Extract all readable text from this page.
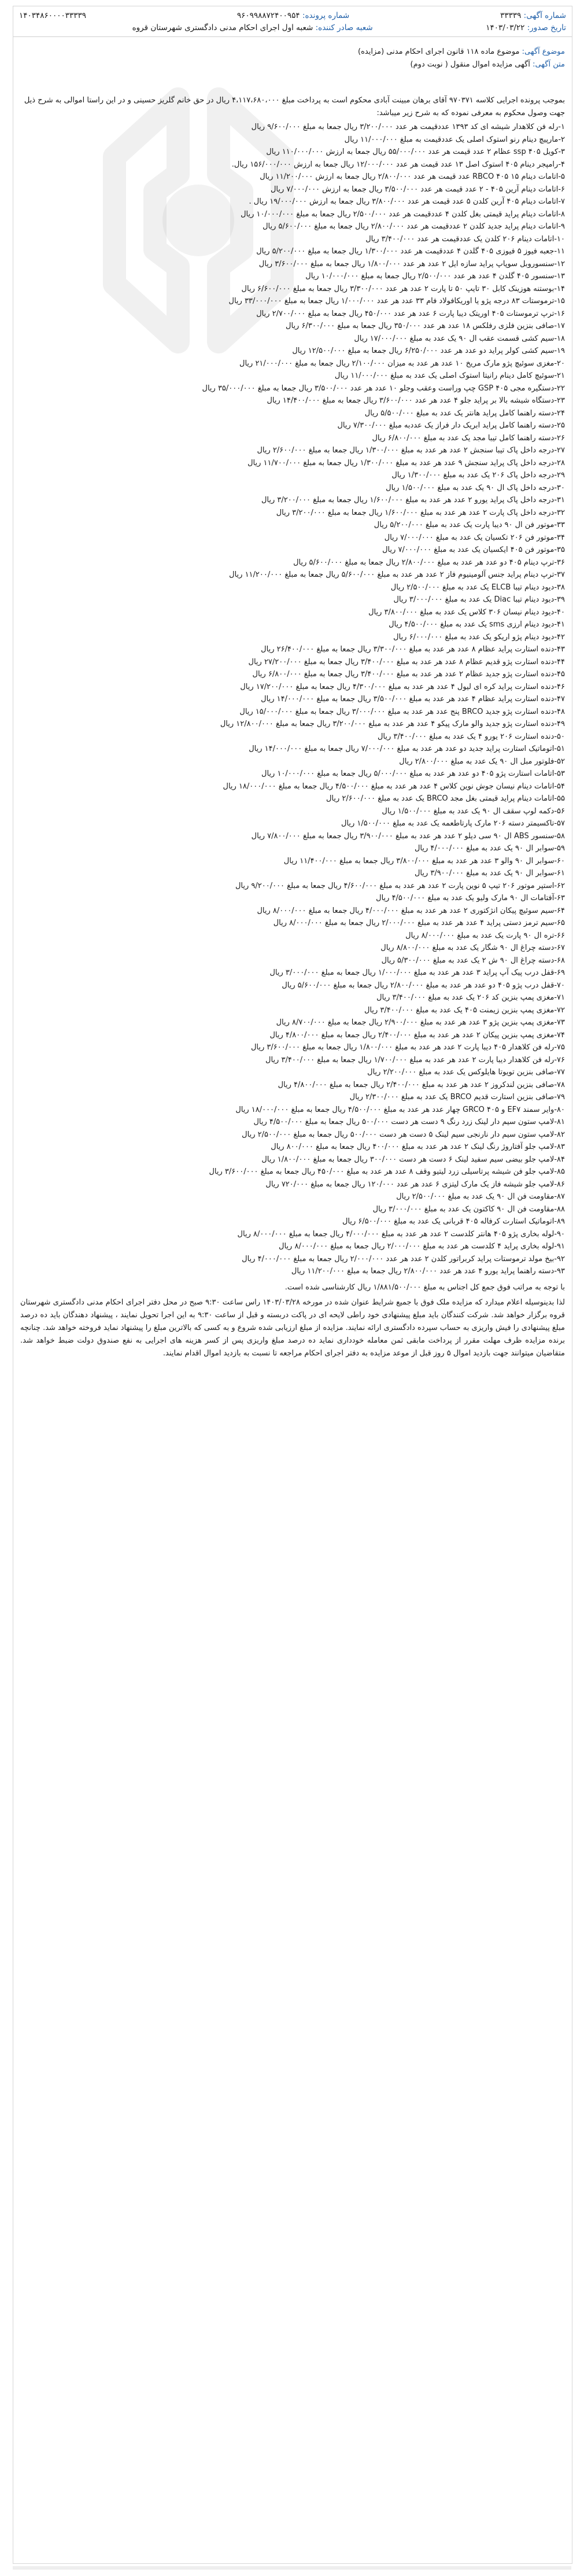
شماره آگهی: ۳۳۳۳۹
شماره پرونده: ۹۶۰۹۹۸۸۷۲۴۰۰۹۵۴
۱۴۰۳۴۸۶۰۰۰۰۳۳۳۳۹
تاریخ صدور: ۱۴۰۳/۰۳/۲۲
شعبه صادر کننده: شعبه اول اجرای احکام مدنی دادگستری شهرستان قروه
موضوع آگهی: موضوع ماده ۱۱۸ قانون اجرای احکام مدنی (مزایده)
متن آگهی: آگهی مزایده اموال منقول ( نوبت دوم)
بموجب پرونده اجرایی کلاسه ۹۷۰۳۷۱ آقای برهان مبینت آبادی محکوم است به پرداخت مبلغ ۴،۱۱۷،۶۸۰،۰۰۰ ریال در حق خانم گلریز حسینی و در این راستا اموالی به شرح ذیل جهت وصول محکوم به معرفی نموده که به شرح زیر میباشد:
۱-رله فن کلاهدار شیشه ای کد ۱۳۹۳ عددقیمت هر عدد ۳/۲۰۰/۰۰۰ ریال جمعا به مبلغ ۹/۶۰۰/۰۰۰ ریال
۲-مارپیچ دینام رنو استوک اصلی یک عددقیمت به مبلغ ۱۱/۰۰۰/۰۰۰ ریال
۳-کویل ۴۰۵ ssp عظام ۲ عدد قیمت هر عدد ۵۵/۰۰۰/۰۰۰ ریال جمعا به ارزش ۱۱۰/۰۰۰/۰۰۰ ریال
۴-رامپجر دینام ۴۰۵ استوک اصل ۱۳ عدد قیمت هر عدد ۱۲/۰۰۰/۰۰۰ ریال جمعا به ارزش ۱۵۶/۰۰۰/۰۰۰ ریال.
۵-اتامات دینام RBCO ۴۰۵ ۱۵ عدد قیمت هر عدد ۲/۸۰۰/۰۰۰ ریال جمعا به ارزش ۱۱/۲۰۰/۰۰۰ ریال
۶-اتامات دینام آرین ۴۰۵ - ۲ عدد قیمت هر عدد ۳/۵۰۰/۰۰۰ ریال جمعا به ارزش ۷/۰۰۰/۰۰۰ ریال
۷-اتامات دینام ۴۰۵ آرین کلدن ۵ عدد قیمت هر عدد ۳/۸۰۰/۰۰۰ ریال جمعا به ارزش ۱۹/۰۰۰/۰۰۰ ریال .
۸-اتامات دینام پراید قیمتی بغل کلدن ۴ عددقیمت هر عدد ۲/۵۰۰/۰۰۰ ریال جمعا به مبلغ ۱۰/۰۰۰/۰۰۰ ریال
۹-اتامات دینام پراید جدید کلدن ۲ عددقیمت هر عدد ۲/۸۰۰/۰۰۰ ریال جمعا به مبلغ ۵/۶۰۰/۰۰۰ ریال
۱۰-اتامات دینام ۲۰۶ کلدن یک عددقیمت هر عدد ۳/۴۰۰/۰۰۰ ریال
۱۱-جعبه فیوز ۵ فیوزی ۴۰۵ گلدن ۴ عددقیمت هر عدد ۱/۳۰۰/۰۰۰ ریال جمعا به مبلغ ۵/۲۰۰/۰۰۰ ریال
۱۲-سنسوروبل سوپاپ پراید سازه ایل ۲ عدد هر عدد ۱/۸۰۰/۰۰۰ ریال جمعا به مبلغ ۳/۶۰۰/۰۰۰ ریال
۱۳-سنسور ۴۰۵ گلدن ۴ عدد هر عدد ۲/۵۰۰/۰۰۰ ریال جمعا به مبلغ ۱۰/۰۰۰/۰۰۰ ریال
۱۴-بوستنه هوزینک کابل ۳۰ تایپ ۵۰ تا پارت ۲ عدد هر عدد ۳/۳۰۰/۰۰۰ ریال جمعا به مبلغ ۶/۶۰۰/۰۰۰ ریال
۱۵-ترموستات ۸۳ درجه پژو یا اوریکافولاد فام ۳۳ عدد هر عدد ۱/۰۰۰/۰۰۰ ریال جمعا به مبلغ ۳۳/۰۰۰/۰۰۰ ریال
۱۶-ترپ ترموستات ۴۰۵ اوریتک دیبا پارت ۶ عدد هر عدد ۴۵۰/۰۰۰ ریال جمعا به مبلغ ۲/۷۰۰/۰۰۰ ریال
۱۷-صافی بنزین فلزی رفلکس ۱۸ عدد هر عدد ۳۵۰/۰۰۰ ریال جمعا به مبلغ ۶/۳۰۰/۰۰۰ ریال
۱۸-سیم کشی قسمت عقب ال ۹۰ یک عدد به مبلغ ۱۷/۰۰۰/۰۰۰ ریال
۱۹-سیم کشی کولر پراید دو عدد هر عدد ۶/۲۵۰/۰۰۰ ریال جمعا به مبلغ ۱۲/۵۰۰/۰۰۰ ریال
۲۰-مغزی سوئیچ پژو مارک مریخ ۱۰ عدد هر عدد به میزان ۲/۱۰۰/۰۰۰ ریال جمعا به مبلغ ۲۱/۰۰۰/۰۰۰ ریال
۲۱-سوئیچ کامل دینام رانیتا استوک اصلی یک عدد به مبلغ ۱۱/۰۰۰/۰۰۰ ریال
۲۲-دستگیره مجی GSP ۴۰۵ چپ وراست وعقب وجلو ۱۰ عدد هر عدد ۳/۵۰۰/۰۰۰ ریال جمعا به مبلغ ۳۵/۰۰۰/۰۰۰ ریال
۲۳-دستگاه شیشه بالا بر پراید جلو ۴ عدد هر عدد ۳/۶۰۰/۰۰۰ ریال جمعا به مبلغ ۱۴/۴۰۰/۰۰۰ ریال
۲۴-دسته راهنما کامل پراید هانتر یک عدد به مبلغ ۵/۵۰۰/۰۰۰ ریال
۲۵-دسته راهنما کامل پراید ابریک دار فراز یک عددبه مبلغ ۷/۳۰۰/۰۰۰ ریال
۲۶-دسته راهنما کامل تیبا مجد یک عدد به مبلغ ۶/۸۰۰/۰۰۰ ریال
۲۷-درجه داخل پاک تیبا سنجش ۲ عدد هر عدد به مبلغ ۱/۳۰۰/۰۰۰ ریال جمعا به مبلغ ۲/۶۰۰/۰۰۰ ریال
۲۸-درجه داخل پاک پراید سنجش ۹ عدد هر عدد به مبلغ ۱/۳۰۰/۰۰۰ ریال جمعا به مبلغ ۱۱/۷۰۰/۰۰۰ ریال
۲۹-درجه داخل پاک ۲۰۶ یک عدد به مبلغ ۱/۳۰۰/۰۰۰ ریال
۳۰-درجه داخل پاک ال ۹۰ یک عدد به مبلغ ۱/۵۰۰/۰۰۰ ریال
۳۱-درجه داخل پاک پراید یورو ۲ عدد هر عدد به مبلغ ۱/۶۰۰/۰۰۰ ریال جمعا به مبلغ ۳/۲۰۰/۰۰۰ ریال
۳۲-درجه داخل پاک پارت ۲ عدد هر عدد به مبلغ ۱/۶۰۰/۰۰۰ ریال جمعا به مبلغ ۳/۲۰۰/۰۰۰ ریال
۳۳-موتور فن ال ۹۰ دیبا پارت یک عدد به مبلغ ۵/۲۰۰/۰۰۰ ریال
۳۴-موتور فن ۲۰۶ تکسیان یک عدد به مبلغ ۷/۰۰۰/۰۰۰ ریال
۳۵-موتور فن ۴۰۵ ایکسیان یک عدد به مبلغ ۷/۰۰۰/۰۰۰ ریال
۳۶-ترپ دینام ۴۰۵ دو عدد هر عدد به مبلغ ۲/۸۰۰/۰۰۰ ریال جمعا به مبلغ ۵/۶۰۰/۰۰۰ ریال
۳۷-ترپ دینام پراید جنس آلومینیوم فاز ۲ عدد هر عدد به مبلغ ۵/۶۰۰/۰۰۰ ریال جمعا به مبلغ ۱۱/۲۰۰/۰۰۰ ریال
۳۸-دیود دینام تیبا ELCB یک عدد به مبلغ ۲/۵۰۰/۰۰۰ ریال
۳۹-دیود دینام تیبا Diac یک عدد به مبلغ ۳/۰۰۰/۰۰۰ ریال
۴۰-دیود دینام نیسان ۳۰۶ کلاس یک عدد به مبلغ ۳/۸۰۰/۰۰۰ ریال
۴۱-دیود دینام ارزی sms یک عدد به مبلغ ۴/۵۰۰/۰۰۰ ریال
۴۲-دیود دینام پژو اریکو یک عدد به مبلغ ۶/۰۰۰/۰۰۰ ریال
۴۳-دنده استارت پراید عظام ۸ عدد هر عدد به مبلغ ۳/۳۰۰/۰۰۰ ریال جمعا به مبلغ ۲۶/۴۰۰/۰۰۰ ریال
۴۴-دنده استارت پژو قدیم عظام ۸ عدد هر عدد به مبلغ ۳/۴۰۰/۰۰۰ ریال جمعا به مبلغ ۲۷/۲۰۰/۰۰۰ ریال
۴۵-دنده استارت پژو جدید عظام ۲ عدد هر عدد به مبلغ ۳/۴۰۰/۰۰۰ ریال جمعا به مبلغ ۶/۸۰۰/۰۰۰ ریال
۴۶-دنده استارت پراید کره ای لیول ۴ عدد هر عدد به مبلغ ۴/۳۰۰/۰۰۰ ریال جمعا به مبلغ ۱۷/۲۰۰/۰۰۰ ریال
۴۷-دنده استارت پراید عظام ۴ عدد هر عدد به مبلغ ۳/۵۰۰/۰۰۰ ریال جمعا به مبلغ ۱۴/۰۰۰/۰۰۰ ریال
۴۸-دنده استارت پژو جدید BRCO پنج عدد هر عدد به مبلغ ۳/۰۰۰/۰۰۰ ریال جمعا به مبلغ ۱۵/۰۰۰/۰۰۰ ریال
۴۹-دنده استارت پژو جدید والو مارک پیکو ۴ عدد هر عدد به مبلغ ۳/۲۰۰/۰۰۰ ریال جمعا به مبلغ ۱۲/۸۰۰/۰۰۰ ریال
۵۰-دنده استارت ۲۰۶ یورو ۴ یک عدد به مبلغ ۳/۴۰۰/۰۰۰ ریال
۵۱-اتوماتیک استارت پراید جدید دو عدد هر عدد به مبلغ ۷/۰۰۰/۰۰۰ ریال جمعا به مبلغ ۱۴/۰۰۰/۰۰۰ ریال
۵۲-فلوتور مبل ال ۹۰ یک عدد به مبلغ ۲/۸۰۰/۰۰۰ ریال
۵۳-اتامات استارت پژو ۴۰۵ دو عدد هر عدد به مبلغ ۵/۰۰۰/۰۰۰ ریال جمعا به مبلغ ۱۰/۰۰۰/۰۰۰ ریال
۵۴-اتامات دینام نیسان جوش نوین کلاس ۴ عدد هر عدد به مبلغ ۴/۵۰۰/۰۰۰ ریال جمعا به مبلغ ۱۸/۰۰۰/۰۰۰ ریال
۵۵-اتامات دینام پراید قیمتی بغل مجد BRCO یک عدد به مبلغ ۲/۶۰۰/۰۰۰ ریال
۵۶-دکمه لوپ سقف ال ۹۰ یک عدد به مبلغ ۱/۵۰۰/۰۰۰ ریال
۵۷-تاکسیمتر دسته ۲۰۶ مارک پارتاطعمه یک عدد به مبلغ ۱/۵۰۰/۰۰۰ ریال
۵۸-سنسور ABS ال ۹۰ سی دیلو ۲ عدد هر عدد به مبلغ ۳/۹۰۰/۰۰۰ ریال جمعا به مبلغ ۷/۸۰۰/۰۰۰ ریال
۵۹-سوابر ال ۹۰ یک عدد به مبلغ ۴/۰۰۰/۰۰۰ ریال
۶۰-سوابر ال ۹۰ والو ۳ عدد هر عدد به مبلغ ۳/۸۰۰/۰۰۰ ریال جمعا به مبلغ ۱۱/۴۰۰/۰۰۰ ریال
۶۱-سوابر ال ۹۰ یک عدد به مبلغ ۳/۹۰۰/۰۰۰ ریال
۶۲-استپر موتور ۲۰۶ تیپ ۵ نوین پارت ۲ عدد هر عدد به مبلغ ۴/۶۰۰/۰۰۰ ریال جمعا به مبلغ ۹/۲۰۰/۰۰۰ ریال
۶۳-آفتامات ال ۹۰ مارک ولیو یک عدد به مبلغ ۴/۵۰۰/۰۰۰ ریال
۶۴-سیم سوئیچ پیکان انژکتوری ۲ عدد هر عدد به مبلغ ۴/۰۰۰/۰۰۰ ریال جمعا به مبلغ ۸/۰۰۰/۰۰۰ ریال
۶۵-سیم ترمز دستی پراید ۴ عدد هر عدد به مبلغ ۲/۰۰۰/۰۰۰ ریال جمعا به مبلغ ۸/۰۰۰/۰۰۰ ریال
۶۶-تره ال ۹۰ پارت یک عدد به مبلغ ۸/۰۰۰/۰۰۰ ریال
۶۷-دسته چراغ ال ۹۰ شگار یک عدد به مبلغ ۸/۸۰۰/۰۰۰ ریال
۶۸-دسته چراغ ال ۹۰ ش ۲ یک عدد به مبلغ ۵/۳۰۰/۰۰۰ ریال
۶۹-قفل درب پیک آپ پراید ۳ عدد هر عدد به مبلغ ۱/۰۰۰/۰۰۰ ریال جمعا به مبلغ ۳/۰۰۰/۰۰۰ ریال
۷۰-قفل درب پژو ۴۰۵ دو عدد هر عدد به مبلغ ۲/۸۰۰/۰۰۰ ریال جمعا به مبلغ ۵/۶۰۰/۰۰۰ ریال
۷۱-مغزی پمپ بنزین کد ۲۰۶ یک عدد به مبلغ ۳/۴۰۰/۰۰۰ ریال
۷۲-مغزی پمپ بنزین زیمنت ۴۰۵ یک عدد به مبلغ ۳/۴۰۰/۰۰۰ ریال
۷۳-مغزی پمپ بنزین پژو ۳ عدد هر عدد به مبلغ ۲/۹۰۰/۰۰۰ ریال جمعا به مبلغ ۸/۷۰۰/۰۰۰ ریال
۷۴-مغزی پمپ بنزین پیکان ۲ عدد هر عدد به مبلغ ۲/۴۰۰/۰۰۰ ریال جمعا به مبلغ ۴/۸۰۰/۰۰۰ ریال
۷۵-رله فن کلاهدار ۴۰۵ دیبا پارت ۲ عدد هر عدد به مبلغ ۱/۸۰۰/۰۰۰ ریال جمعا به مبلغ ۳/۶۰۰/۰۰۰ ریال
۷۶-رله فن کلاهدار دیبا پارت ۲ عدد هر عدد به مبلغ ۱/۷۰۰/۰۰۰ ریال جمعا به مبلغ ۳/۴۰۰/۰۰۰ ریال
۷۷-صافی بنزین تویوتا هایلوکس یک عدد به مبلغ ۲/۲۰۰/۰۰۰ ریال
۷۸-صافی بنزین لندکروز ۲ عدد هر عدد به مبلغ ۲/۴۰۰/۰۰۰ ریال جمعا به مبلغ ۴/۸۰۰/۰۰۰ ریال
۷۹-صافی بنزین استارت قدیم BRCO یک عدد به مبلغ ۲/۳۰۰/۰۰۰ ریال
۸۰-وایر سمند EF۷ و GRCO ۴۰۵ چهار عدد هر عدد به مبلغ ۴/۵۰۰/۰۰۰ ریال جمعا به مبلغ ۱۸/۰۰۰/۰۰۰ ریال
۸۱-لامپ ستون سیم دار لینک زرد رنگ ۹ دست هر دست ۵۰۰/۰۰۰ ریال جمعا به مبلغ ۴/۵۰۰/۰۰۰ ریال
۸۲-لامپ ستون سیم دار نارنجی سیم لینک ۵ دست هر دست ۵۰۰/۰۰۰ ریال جمعا به مبلغ ۲/۵۰۰/۰۰۰ ریال
۸۳-لامپ جلو آفتاروژ رنگ لینک ۲ عدد هر عدد به مبلغ ۴۰۰/۰۰۰ ریال جمعا به مبلغ ۸۰۰/۰۰۰ ریال
۸۴-لامپ جلو بیضی سیم سفید لینک ۶ دست هر دست ۳۰۰/۰۰۰ ریال جمعا به مبلغ ۱/۸۰۰/۰۰۰ ریال
۸۵-لامپ جلو فن شیشه پرتاسیلی زرد لیتیو وقف ۸ عدد هر عدد به مبلغ ۴۵۰/۰۰۰ ریال جمعا به مبلغ ۳/۶۰۰/۰۰۰ ریال
۸۶-لامپ جلو شیشه فاز یک مارک لیتزی ۶ عدد هر عدد ۱۲۰/۰۰۰ ریال جمعا به مبلغ ۷۲۰/۰۰۰ ریال
۸۷-مقاومت فن ال ۹۰ یک عدد به مبلغ ۲/۵۰۰/۰۰۰ ریال
۸۸-مقاومت فن ال ۹۰ کاکتون یک عدد به مبلغ ۳/۰۰۰/۰۰۰ ریال
۸۹-اتوماتیک استارت کرفاله ۴۰۵ قربانی یک عدد به مبلغ ۶/۵۰۰/۰۰۰ ریال
۹۰-لوله بخاری پژو ۴۰۵ هانتر کلدست ۲ عدد هر عدد به مبلغ ۴/۰۰۰/۰۰۰ ریال جمعا به مبلغ ۸/۰۰۰/۰۰۰ ریال
۹۱-لوله بخاری پراید ۴ کلدست هر عدد به مبلغ ۲/۰۰۰/۰۰۰ ریال جمعا به مبلغ ۸/۰۰۰/۰۰۰ ریال
۹۲-بیخ مولد ترموستات پراید کربراتور کلدن ۲ عدد هر عدد ۲/۰۰۰/۰۰۰ ریال جمعا به مبلغ ۴/۰۰۰/۰۰۰ ریال
۹۳-دسته راهنما پراید یورو ۴ عدد هر عدد ۲/۸۰۰/۰۰۰ ریال جمعا به مبلغ ۱۱/۲۰۰/۰۰۰ ریال
با توجه به مراتب فوق جمع کل اجناس به مبلغ ۱/۸۸۱/۵۰۰/۰۰۰ ریال کارشناسی شده است.
لذا بدینوسیله اعلام میدارد که مزایده ملک فوق با جمیع شرایط عنوان شده در مورخه ۱۴۰۳/۰۳/۲۸ راس ساعت ۹:۳۰ صبح در محل دفتر اجرای احکام مدنی دادگستری شهرستان قروه برگزار خواهد شد. شرکت کنندگان باید مبلغ پیشنهادی خود راطی لایحه ای در پاکت دربسته و قبل از ساعت ۹:۳۰ به این اجرا تحویل نمایند ، پیشنهاد دهندگان باید ده درصد مبلغ پیشنهادی را فیش واریزی به حساب سپرده دادگستری ارائه نمایند. مزایده از مبلغ ارزیابی شده شروع و به کسی که بالاترین مبلغ را پیشنهاد نماید فروخته خواهد شد. چنانچه برنده مزایده ظرف مهلت مقرر از پرداخت مابقی ثمن معامله خودداری نماید ده درصد مبلغ واریزی پس از کسر هزینه های اجرایی به نفع صندوق دولت ضبط خواهد شد. متقاضیان میتوانند جهت بازدید اموال ۵ روز قبل از موعد مزایده به دفتر اجرای احکام مراجعه تا نسبت به بازدید اموال اقدام نمایند.
